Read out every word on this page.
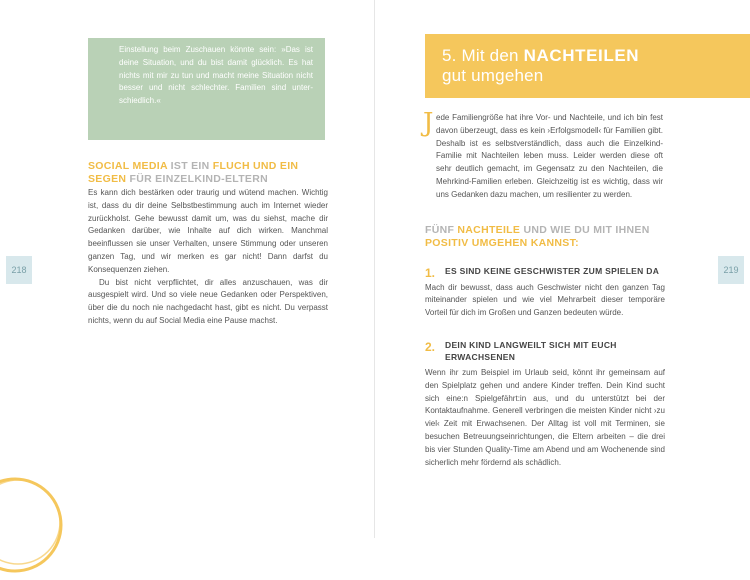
Einstellung beim Zuschauen könnte sein: »Das ist deine Situation, und du bist damit glücklich. Es hat nichts mit mir zu tun und macht meine Situation nicht besser und nicht schlechter. Familien sind unter-schiedlich.«

SOCIAL MEDIA IST EIN FLUCH UND EIN SEGEN FÜR EINZELKIND-ELTERN

Es kann dich bestärken oder traurig und wütend machen. Wichtig ist, dass du dir deine Selbstbestimmung auch im Internet wieder zurückholst. Gehe bewusst damit um, was du siehst, mache dir Gedanken darüber, wie Inhalte auf dich wirken. Manchmal beeinflussen sie unser Verhalten, unsere Stimmung oder unseren ganzen Tag, und wir merken es gar nicht! Dann darfst du Konsequenzen ziehen.

Du bist nicht verpflichtet, dir alles anzuschauen, was dir ausgespielt wird. Und so viele neue Gedanken oder Perspektiven, über die du noch nie nachgedacht hast, gibt es nicht. Du verpasst nichts, wenn du auf Social Media eine Pause machst.

218
5. Mit den NACHTEILEN
gut umgehen
J ede Familiengröße hat ihre Vor- und Nachteile, und ich bin fest davon überzeugt, dass es kein ›Erfolgsmodell‹ für Familien gibt. Deshalb ist es selbstverständlich, dass auch die Einzelkind-Familie mit Nachteilen leben muss. Leider werden diese oft sehr deutlich gemacht, im Gegensatz zu den Nachteilen, die Mehrkind-Familien erleben. Gleichzeitig ist es wichtig, dass wir uns Gedanken dazu machen, um resilienter zu werden.
FÜNF NACHTEILE UND WIE DU MIT IHNEN POSITIV UMGEHEN KANNST:
1. ES SIND KEINE GESCHWISTER ZUM SPIELEN DA
Mach dir bewusst, dass auch Geschwister nicht den ganzen Tag miteinander spielen und wie viel Mehrarbeit dieser temporäre Vorteil für dich im Großen und Ganzen bedeuten würde.
2. DEIN KIND LANGWEILT SICH MIT EUCH ERWACHSENEN
Wenn ihr zum Beispiel im Urlaub seid, könnt ihr gemeinsam auf den Spielplatz gehen und andere Kinder treffen. Dein Kind sucht sich eine:n Spielgefährt:in aus, und du unterstützt bei der Kontaktaufnahme. Generell verbringen die meisten Kinder nicht ›zu viel‹ Zeit mit Erwachsenen. Der Alltag ist voll mit Terminen, sie besuchen Betreuungseinrichtungen, die Eltern arbeiten – die drei bis vier Stunden Quality-Time am Abend und am Wochenende sind sicherlich mehr fördernd als schädlich.
219
